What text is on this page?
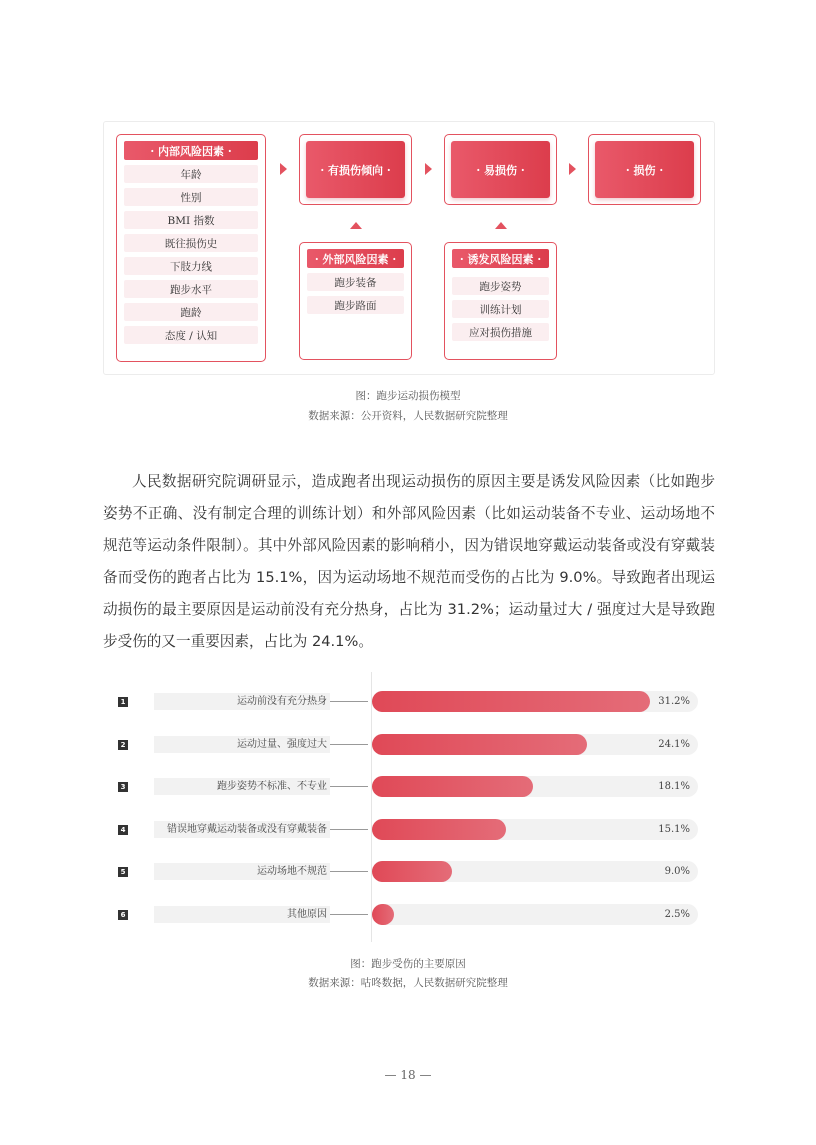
· 内部风险因素 ·
年龄
性别
BMI 指数
既往损伤史
下肢力线
跑步水平
跑龄
态度 / 认知
· 有损伤倾向 ·	· 易损伤 ·	· 损伤 ·
· 外部风险因素 ·
跑步装备
跑步路面
· 诱发风险因素 ·
跑步姿势
训练计划
应对损伤措施
图：跑步运动损伤模型
数据来源：公开资料，人民数据研究院整理
人民数据研究院调研显示，造成跑者出现运动损伤的原因主要是诱发风险因素（比如跑步姿势不正确、没有制定合理的训练计划）和外部风险因素（比如运动装备不专业、运动场地不规范等运动条件限制）。其中外部风险因素的影响稍小，因为错误地穿戴运动装备或没有穿戴装备而受伤的跑者占比为 15.1%，因为运动场地不规范而受伤的占比为 9.0%。导致跑者出现运动损伤的最主要原因是运动前没有充分热身，占比为 31.2%；运动量过大 / 强度过大是导致跑步受伤的又一重要因素，占比为 24.1%。
1	运动前没有充分热身	31.2%
2	运动过量、强度过大	24.1%
3	跑步姿势不标准、不专业	18.1%
4	错误地穿戴运动装备或没有穿戴装备	15.1%
5	运动场地不规范	9.0%
6	其他原因	2.5%
图：跑步受伤的主要原因
数据来源：咕咚数据，人民数据研究院整理
— 18 —
